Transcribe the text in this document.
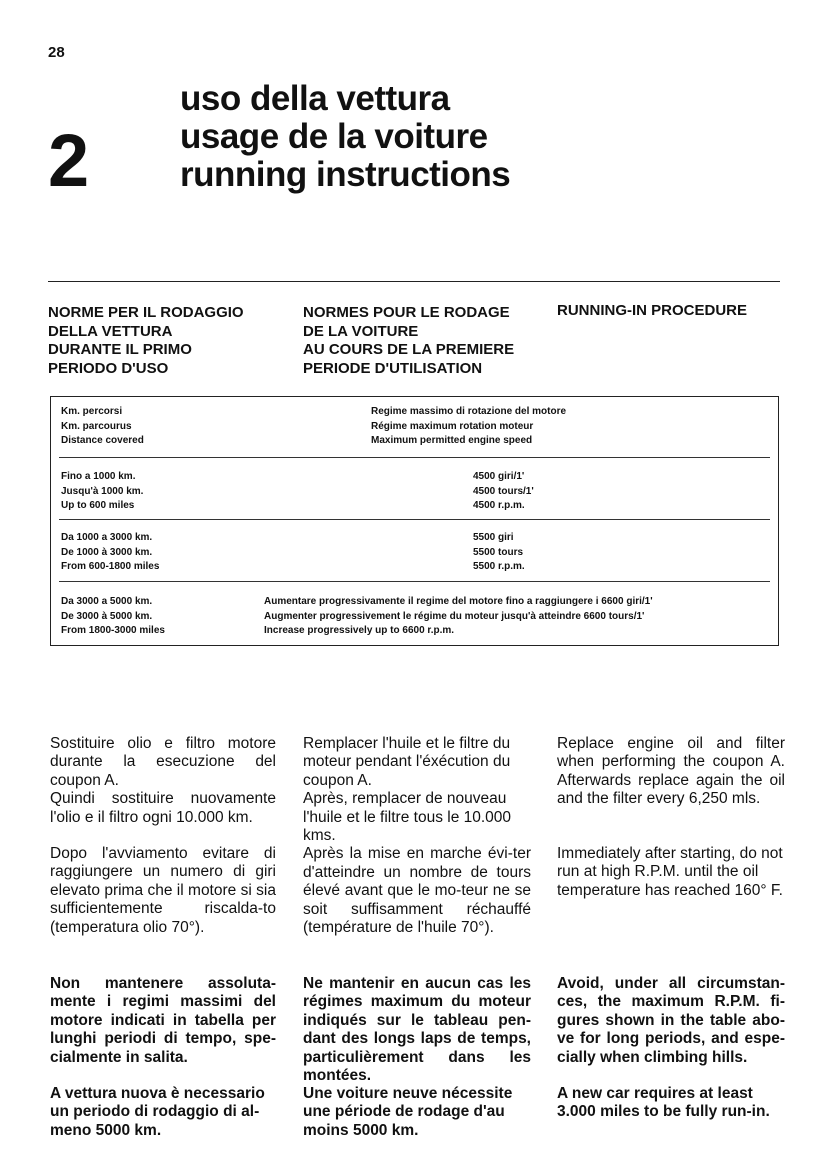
28
2
uso della vettura
usage de la voiture
running instructions
NORME PER IL RODAGGIO
DELLA VETTURA
DURANTE IL PRIMO
PERIODO D'USO
NORMES POUR LE RODAGE
DE LA VOITURE
AU COURS DE LA PREMIERE
PERIODE D'UTILISATION
RUNNING-IN PROCEDURE
Km. percorsi
Km. parcourus
Distance covered
Regime massimo di rotazione del motore
Régime maximum rotation moteur
Maximum permitted engine speed
Fino a 1000 km.
Jusqu'à 1000 km.
Up to 600 miles
4500 giri/1'
4500 tours/1'
4500 r.p.m.
Da 1000 a 3000 km.
De 1000 à 3000 km.
From 600-1800 miles
5500 giri
5500 tours
5500 r.p.m.
Da 3000 a 5000 km.
De 3000 à 5000 km.
From 1800-3000 miles
Aumentare progressivamente il regime del motore fino a raggiungere i 6600 giri/1'
Augmenter progressivement le régime du moteur jusqu'à atteindre 6600 tours/1'
Increase progressively up to 6600 r.p.m.

Sostituire olio e filtro motore durante la esecuzione del coupon A.

Quindi sostituire nuovamente l'olio e il filtro ogni 10.000 km.

Dopo l'avviamento evitare di raggiungere un numero di giri elevato prima che il motore si sia sufficientemente riscalda-to (temperatura olio 70°).

Non mantenere assoluta-mente i regimi massimi del motore indicati in tabella per lunghi periodi di tempo, spe-cialmente in salita.

A vettura nuova è necessario un periodo di rodaggio di al-meno 5000 km.

Remplacer l'huile et le filtre du moteur pendant l'éxécution du coupon A.

Après, remplacer de nouveau l'huile et le filtre tous le 10.000 kms.

Après la mise en marche évi-ter d'atteindre un nombre de tours élevé avant que le mo-teur ne se soit suffisamment réchauffé (température de l'huile 70°).

Ne mantenir en aucun cas les régimes maximum du moteur indiqués sur le tableau pen-dant des longs laps de temps, particulièrement dans les montées.

Une voiture neuve nécessite une période de rodage d'au moins 5000 km.

Replace engine oil and filter when performing the coupon A. Afterwards replace again the oil and the filter every 6,250 mls.

Immediately after starting, do not run at high R.P.M. until the oil temperature has reached 160° F.

Avoid, under all circumstan-ces, the maximum R.P.M. fi-gures shown in the table abo-ve for long periods, and espe-cially when climbing hills.

A new car requires at least 3.000 miles to be fully run-in.
